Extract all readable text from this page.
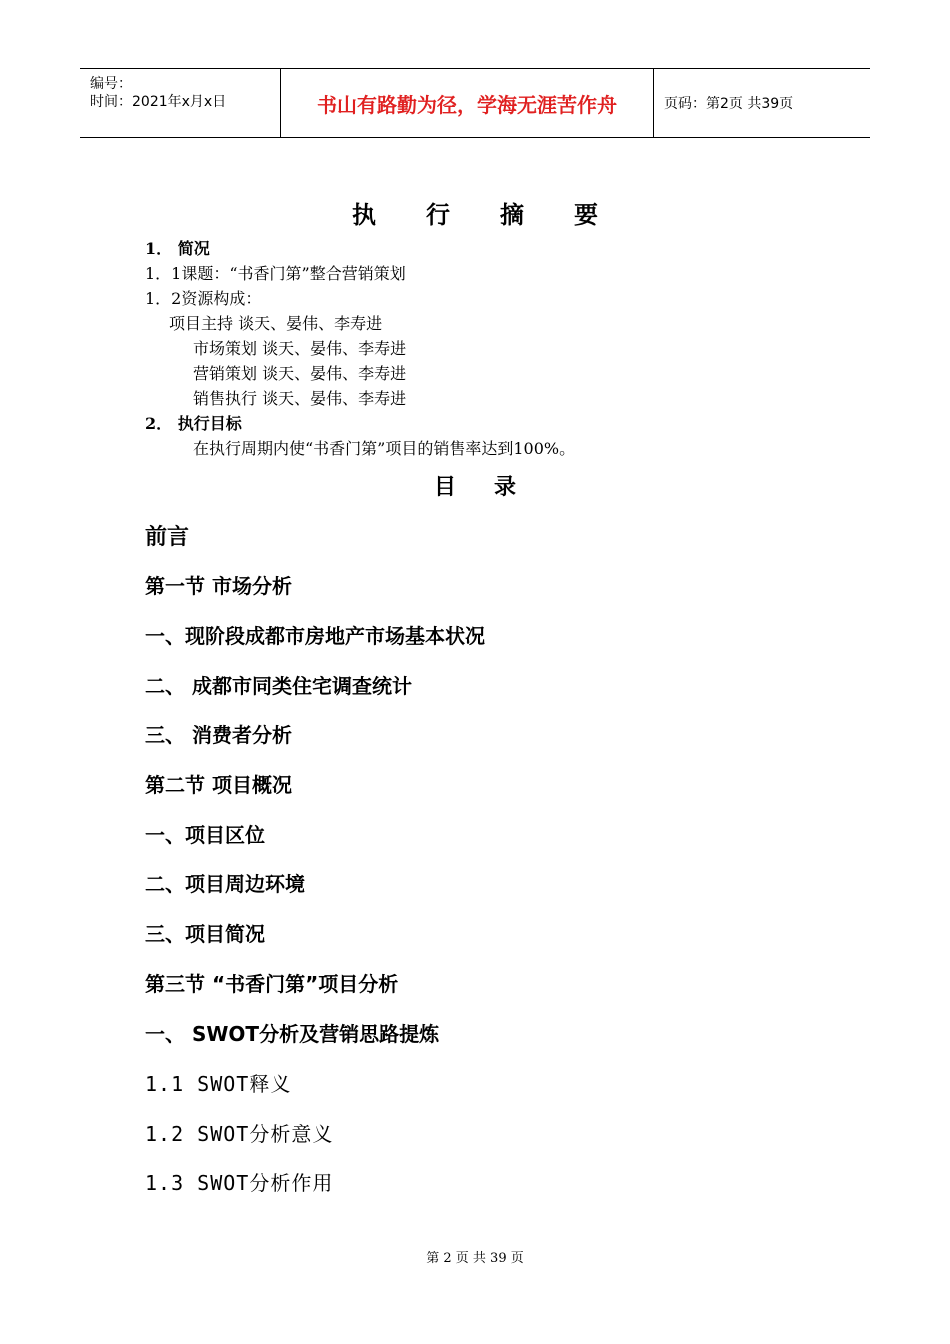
编号：
时间：2021年x月x日	书山有路勤为径，学海无涯苦作舟	页码：第2页 共39页
执行摘要
1． 简况
1．1课题：“书香门第”整合营销策划
1．2资源构成：
项目主持 谈天、晏伟、李寿进
市场策划 谈天、晏伟、李寿进
营销策划 谈天、晏伟、李寿进
销售执行 谈天、晏伟、李寿进
2． 执行目标
在执行周期内使“书香门第”项目的销售率达到100%。
目录
前言
第一节 市场分析
一、现阶段成都市房地产市场基本状况
二、 成都市同类住宅调查统计
三、 消费者分析
第二节 项目概况
一、项目区位
二、项目周边环境
三、项目简况
第三节 “书香门第”项目分析
一、 SWOT分析及营销思路提炼
1.1 SWOT释义
1.2 SWOT分析意义
1.3 SWOT分析作用
第 2 页 共 39 页
